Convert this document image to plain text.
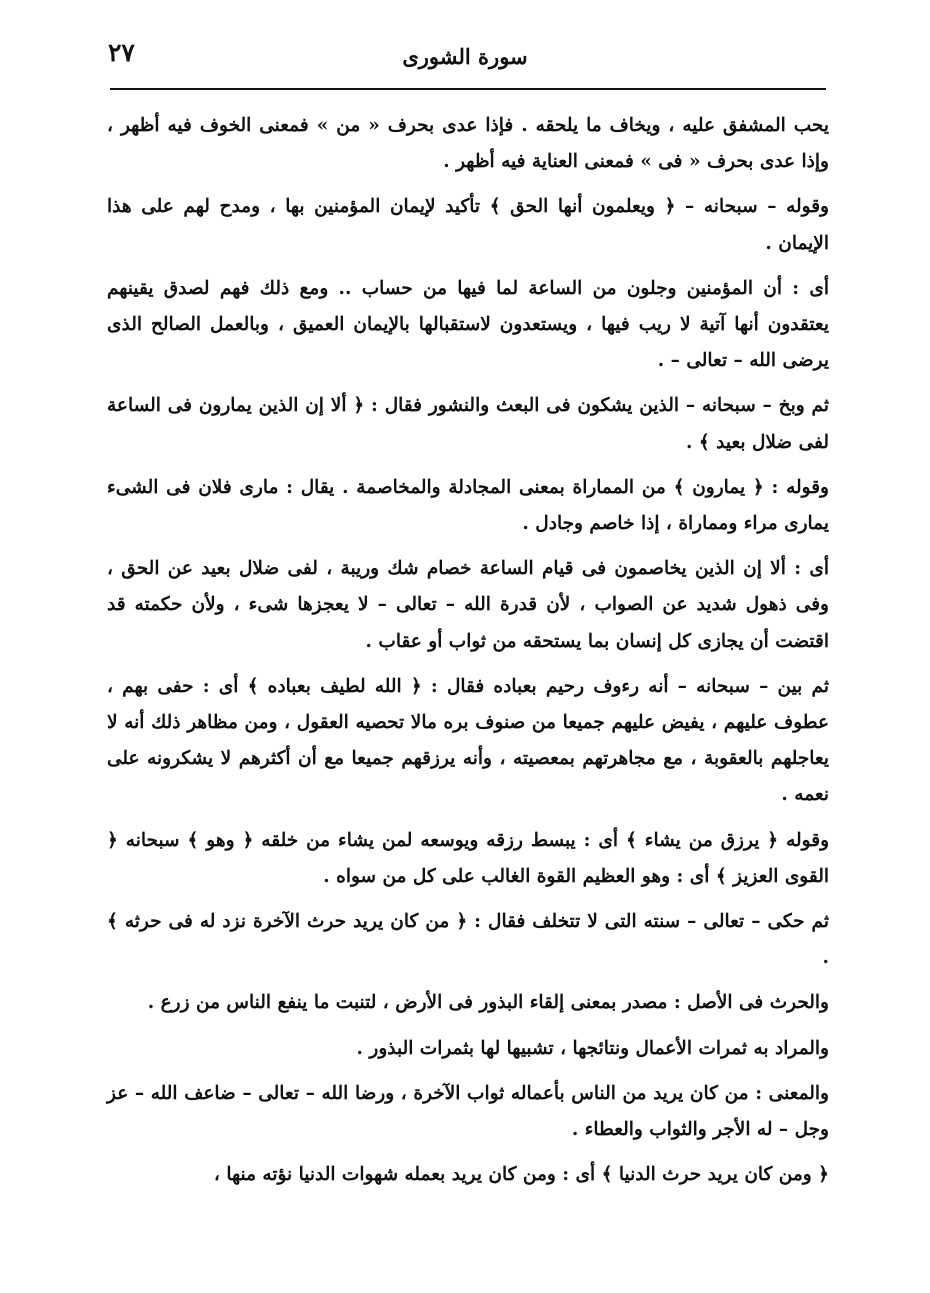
٢٧	سورة الشورى

يحب المشفق عليه ، ويخاف ما يلحقه . فإذا عدى بحرف « من » فمعنى الخوف فيه أظهر ، وإذا عدى بحرف « فى » فمعنى العناية فيه أظهر .

وقوله – سبحانه – ﴿ ويعلمون أنها الحق ﴾ تأكيد لإيمان المؤمنين بها ، ومدح لهم على هذا الإيمان .

أى : أن المؤمنين وجلون من الساعة لما فيها من حساب .. ومع ذلك فهم لصدق يقينهم يعتقدون أنها آتية لا ريب فيها ، ويستعدون لاستقبالها بالإيمان العميق ، وبالعمل الصالح الذى يرضى الله – تعالى – .

ثم وبخ – سبحانه – الذين يشكون فى البعث والنشور فقال : ﴿ ألا إن الذين يمارون فى الساعة لفى ضلال بعيد ﴾ .

وقوله : ﴿ يمارون ﴾ من المماراة بمعنى المجادلة والمخاصمة . يقال : مارى فلان فى الشىء يمارى مراء ومماراة ، إذا خاصم وجادل .

أى : ألا إن الذين يخاصمون فى قيام الساعة خصام شك وريبة ، لفى ضلال بعيد عن الحق ، وفى ذهول شديد عن الصواب ، لأن قدرة الله – تعالى – لا يعجزها شىء ، ولأن حكمته قد اقتضت أن يجازى كل إنسان بما يستحقه من ثواب أو عقاب .

ثم بين – سبحانه – أنه رءوف رحيم بعباده فقال : ﴿ الله لطيف بعباده ﴾ أى : حفى بهم ، عطوف عليهم ، يفيض عليهم جميعا من صنوف بره مالا تحصيه العقول ، ومن مظاهر ذلك أنه لا يعاجلهم بالعقوبة ، مع مجاهرتهم بمعصيته ، وأنه يرزقهم جميعا مع أن أكثرهم لا يشكرونه على نعمه .

وقوله ﴿ يرزق من يشاء ﴾ أى : يبسط رزقه ويوسعه لمن يشاء من خلقه ﴿ وهو ﴾ سبحانه ﴿ القوى العزيز ﴾ أى : وهو العظيم القوة الغالب على كل من سواه .

ثم حكى – تعالى – سنته التى لا تتخلف فقال : ﴿ من كان يريد حرث الآخرة نزد له فى حرثه ﴾ .

والحرث فى الأصل : مصدر بمعنى إلقاء البذور فى الأرض ، لتنبت ما ينفع الناس من زرع .

والمراد به ثمرات الأعمال ونتائجها ، تشبيها لها بثمرات البذور .

والمعنى : من كان يريد من الناس بأعماله ثواب الآخرة ، ورضا الله – تعالى – ضاعف الله – عز وجل – له الأجر والثواب والعطاء .

﴿ ومن كان يريد حرث الدنيا ﴾ أى : ومن كان يريد بعمله شهوات الدنيا نؤته منها ،
